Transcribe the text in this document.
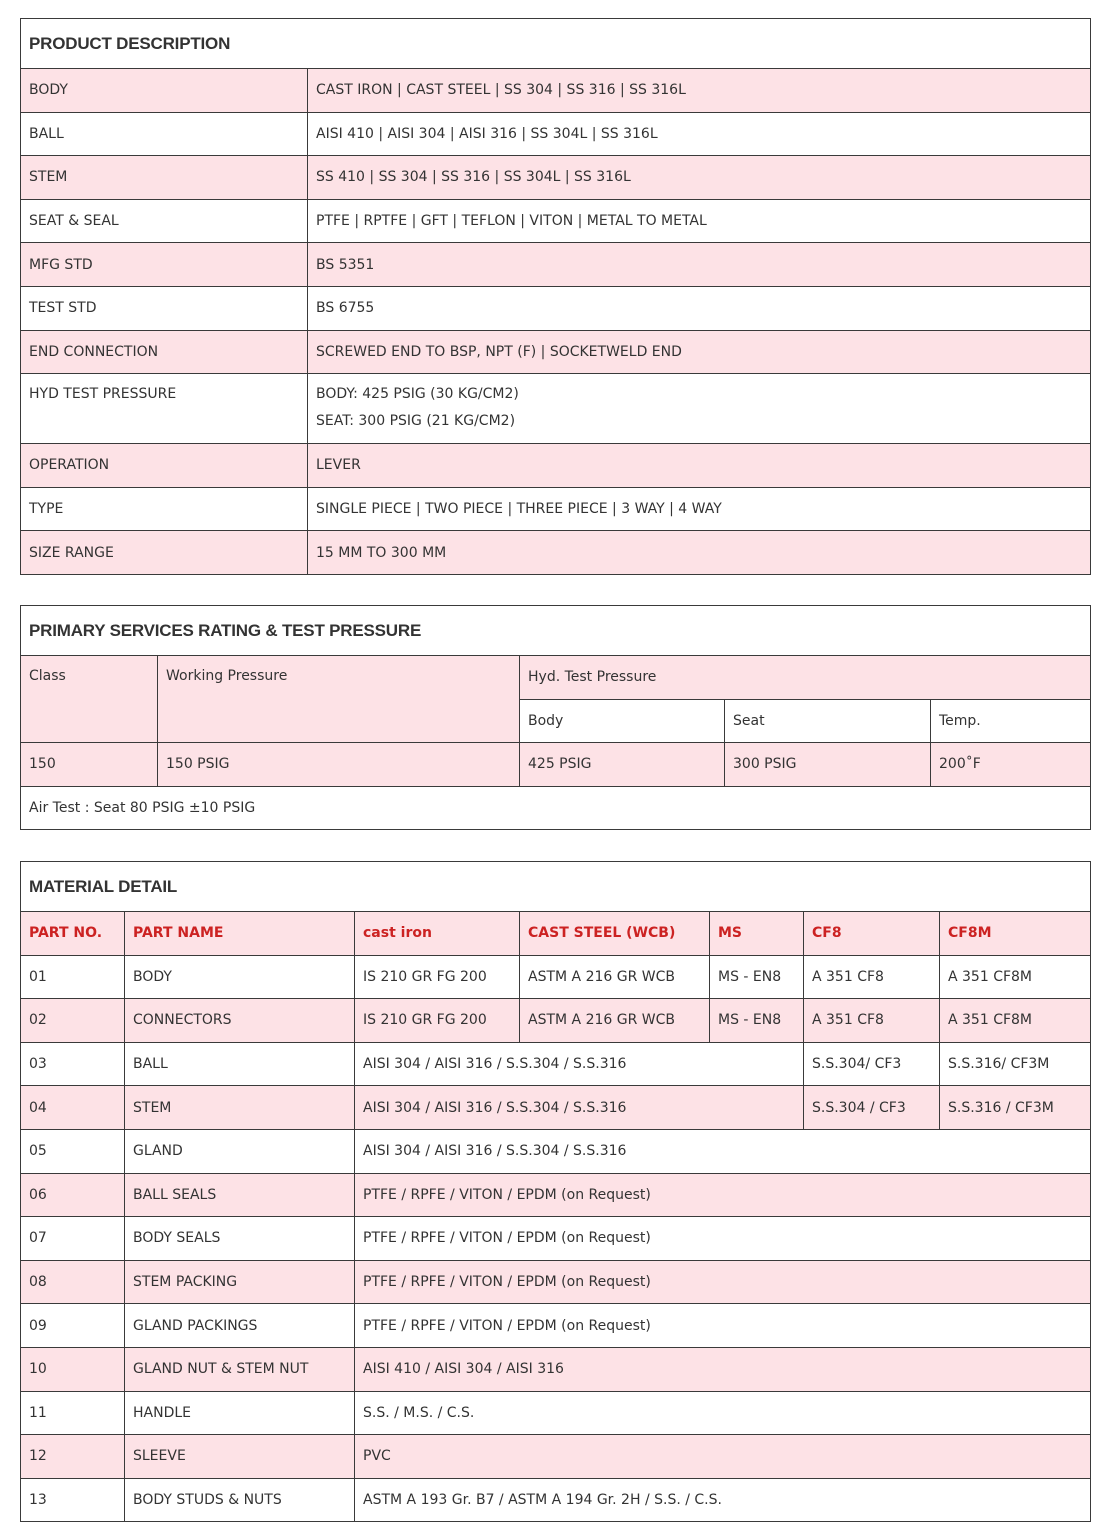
PRODUCT DESCRIPTION	
BODY	CAST IRON | CAST STEEL | SS 304 | SS 316 | SS 316L
BALL	AISI 410 | AISI 304 | AISI 316 | SS 304L | SS 316L
STEM	SS 410 | SS 304 | SS 316 | SS 304L | SS 316L
SEAT & SEAL	PTFE | RPTFE | GFT | TEFLON | VITON | METAL TO METAL
MFG STD	BS 5351
TEST STD	BS 6755
END CONNECTION	SCREWED END TO BSP, NPT (F) | SOCKETWELD END
HYD TEST PRESSURE	BODY: 425 PSIG (30 KG/CM2)
SEAT: 300 PSIG (21 KG/CM2)

OPERATION	LEVER
TYPE	SINGLE PIECE | TWO PIECE | THREE PIECE | 3 WAY | 4 WAY
SIZE RANGE	15 MM TO 300 MM
PRIMARY SERVICES RATING & TEST PRESSURE				
Class	Working Pressure	Hyd. Test Pressure		
		Body	Seat	Temp.
150	150 PSIG	425 PSIG	300 PSIG	200˚F
Air Test : Seat 80 PSIG ±10 PSIG				
MATERIAL DETAIL						
PART NO.	PART NAME	cast iron	CAST STEEL (WCB)	MS	CF8	CF8M
01	BODY	IS 210 GR FG 200	ASTM A 216 GR WCB	MS - EN8	A 351 CF8	A 351 CF8M
02	CONNECTORS	IS 210 GR FG 200	ASTM A 216 GR WCB	MS - EN8	A 351 CF8	A 351 CF8M
03	BALL	AISI 304 / AISI 316 / S.S.304 / S.S.316			S.S.304/ CF3	S.S.316/ CF3M
04	STEM	AISI 304 / AISI 316 / S.S.304 / S.S.316			S.S.304 / CF3	S.S.316 / CF3M
05	GLAND	AISI 304 / AISI 316 / S.S.304 / S.S.316				
06	BALL SEALS	PTFE / RPFE / VITON / EPDM (on Request)				
07	BODY SEALS	PTFE / RPFE / VITON / EPDM (on Request)				
08	STEM PACKING	PTFE / RPFE / VITON / EPDM (on Request)				
09	GLAND PACKINGS	PTFE / RPFE / VITON / EPDM (on Request)				
10	GLAND NUT & STEM NUT	AISI 410 / AISI 304 / AISI 316				
11	HANDLE	S.S. / M.S. / C.S.				
12	SLEEVE	PVC				
13	BODY STUDS & NUTS	ASTM A 193 Gr. B7 / ASTM A 194 Gr. 2H / S.S. / C.S.				
